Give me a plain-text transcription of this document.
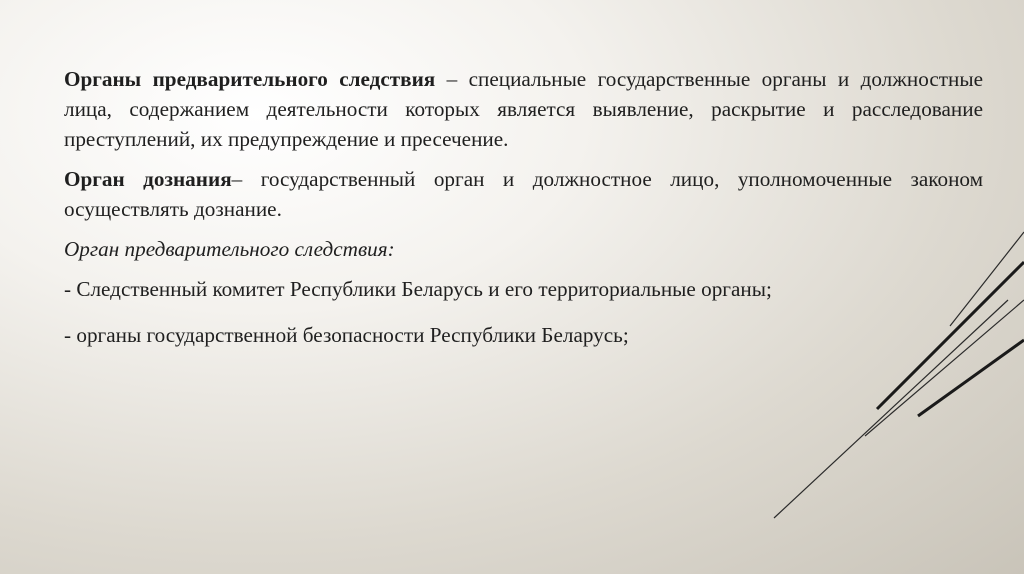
Органы предварительного следствия – специальные государственные органы и должностные лица, содержанием деятельности которых является выявление, раскрытие и расследование преступлений, их предупреждение и пресечение.

Орган дознания– государственный орган и должностное лицо, уполномоченные законом осуществлять дознание.

Орган предварительного следствия:

- Следственный комитет Республики Беларусь и его территориальные органы;

- органы государственной безопасности Республики Беларусь;
